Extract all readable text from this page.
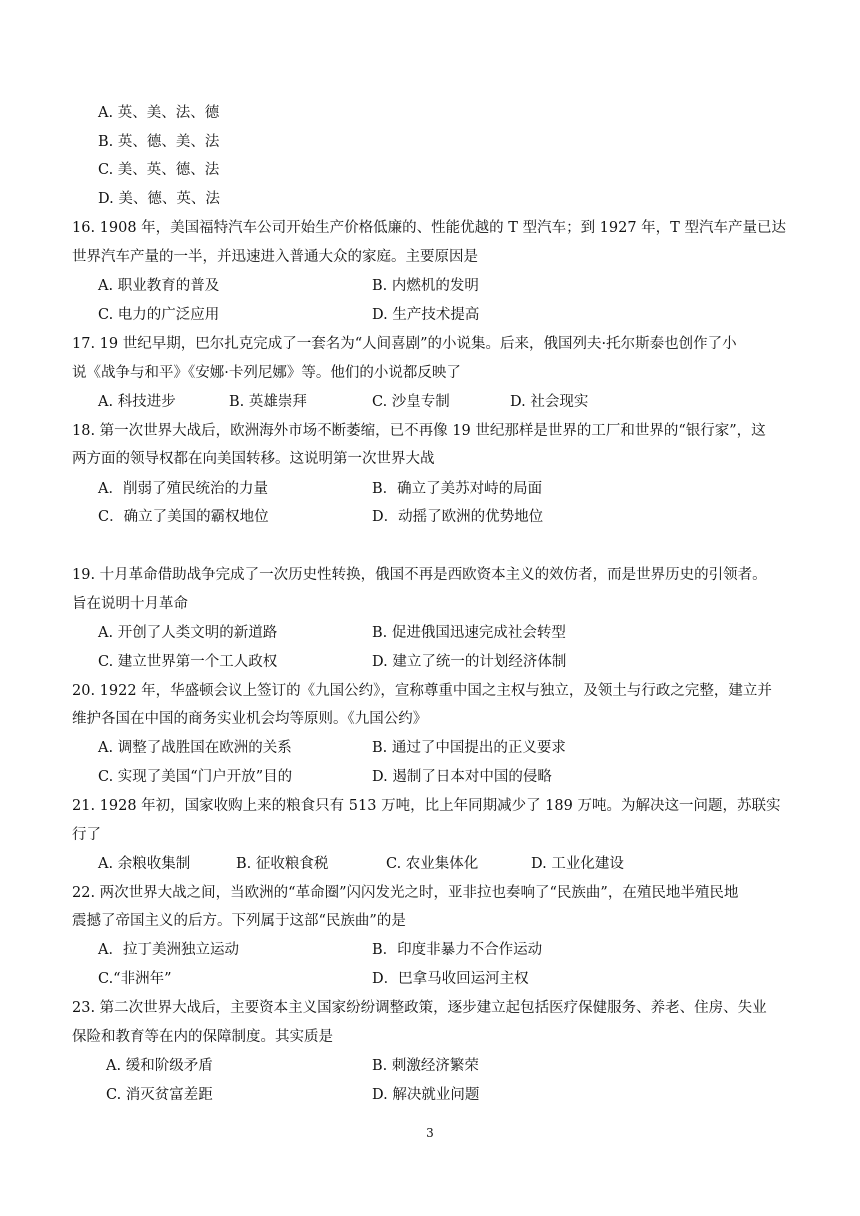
A. 英、美、法、德
B. 英、德、美、法
C. 美、英、德、法
D. 美、德、英、法
16. 1908 年，美国福特汽车公司开始生产价格低廉的、性能优越的 T 型汽车；到 1927 年，T 型汽车产量已达
世界汽车产量的一半，并迅速进入普通大众的家庭。主要原因是
A. 职业教育的普及	B. 内燃机的发明
C. 电力的广泛应用	D. 生产技术提高
17. 19 世纪早期，巴尔扎克完成了一套名为“人间喜剧”的小说集。后来，俄国列夫·托尔斯泰也创作了小
说《战争与和平》《安娜·卡列尼娜》等。他们的小说都反映了
A. 科技进步	B. 英雄崇拜	C. 沙皇专制	D. 社会现实
18. 第一次世界大战后，欧洲海外市场不断萎缩，已不再像 19 世纪那样是世界的工厂和世界的“银行家”，这
两方面的领导权都在向美国转移。这说明第一次世界大战
A．削弱了殖民统治的力量	B．确立了美苏对峙的局面
C．确立了美国的霸权地位	D．动摇了欧洲的优势地位
19. 十月革命借助战争完成了一次历史性转换，俄国不再是西欧资本主义的效仿者，而是世界历史的引领者。
旨在说明十月革命
A. 开创了人类文明的新道路	B. 促进俄国迅速完成社会转型
C. 建立世界第一个工人政权	D. 建立了统一的计划经济体制
20. 1922 年，华盛顿会议上签订的《九国公约》，宣称尊重中国之主权与独立，及领土与行政之完整，建立并
维护各国在中国的商务实业机会均等原则。《九国公约》
A. 调整了战胜国在欧洲的关系	B. 通过了中国提出的正义要求
C. 实现了美国“门户开放”目的	D. 遏制了日本对中国的侵略
21. 1928 年初，国家收购上来的粮食只有 513 万吨，比上年同期减少了 189 万吨。为解决这一问题，苏联实
行了
A. 余粮收集制	B. 征收粮食税	C. 农业集体化	D. 工业化建设
22. 两次世界大战之间，当欧洲的“革命圈”闪闪发光之时，亚非拉也奏响了“民族曲”，在殖民地半殖民地
震撼了帝国主义的后方。下列属于这部“民族曲”的是
A．拉丁美洲独立运动	B．印度非暴力不合作运动
C.“非洲年”	D．巴拿马收回运河主权
23. 第二次世界大战后，主要资本主义国家纷纷调整政策，逐步建立起包括医疗保健服务、养老、住房、失业
保险和教育等在内的保障制度。其实质是
A. 缓和阶级矛盾	B. 刺激经济繁荣
C. 消灭贫富差距	D. 解决就业问题
3
